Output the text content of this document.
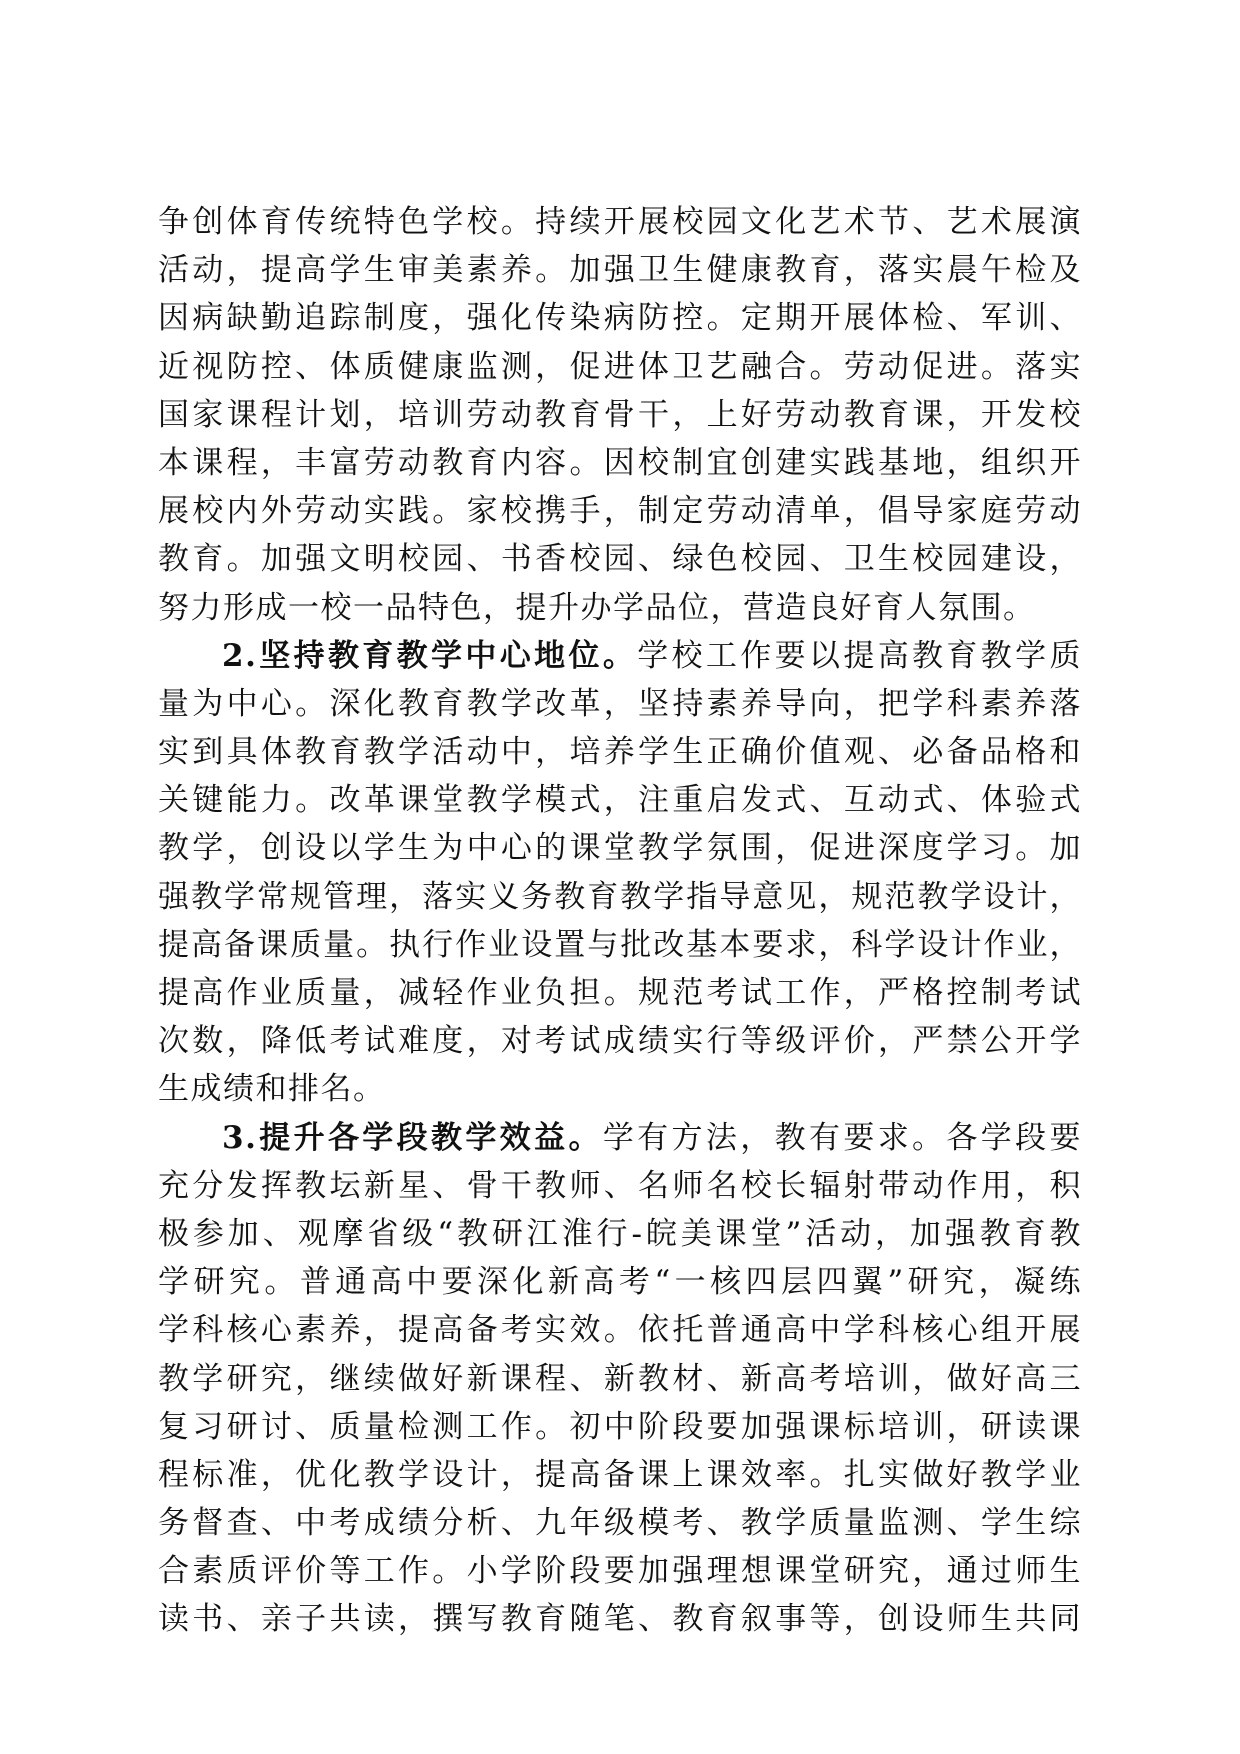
争创体育传统特色学校。持续开展校园文化艺术节、艺术展演
活动，提高学生审美素养。加强卫生健康教育，落实晨午检及
因病缺勤追踪制度，强化传染病防控。定期开展体检、军训、
近视防控、体质健康监测，促进体卫艺融合。劳动促进。落实
国家课程计划，培训劳动教育骨干，上好劳动教育课，开发校
本课程，丰富劳动教育内容。因校制宜创建实践基地，组织开
展校内外劳动实践。家校携手，制定劳动清单，倡导家庭劳动
教育。加强文明校园、书香校园、绿色校园、卫生校园建设，
努力形成一校一品特色，提升办学品位，营造良好育人氛围。
2.坚持教育教学中心地位。学校工作要以提高教育教学质
量为中心。深化教育教学改革，坚持素养导向，把学科素养落
实到具体教育教学活动中，培养学生正确价值观、必备品格和
关键能力。改革课堂教学模式，注重启发式、互动式、体验式
教学，创设以学生为中心的课堂教学氛围，促进深度学习。加
强教学常规管理，落实义务教育教学指导意见，规范教学设计，
提高备课质量。执行作业设置与批改基本要求，科学设计作业，
提高作业质量，减轻作业负担。规范考试工作，严格控制考试
次数，降低考试难度，对考试成绩实行等级评价，严禁公开学
生成绩和排名。
3.提升各学段教学效益。学有方法，教有要求。各学段要
充分发挥教坛新星、骨干教师、名师名校长辐射带动作用，积
极参加、观摩省级“教研江淮行-皖美课堂”活动，加强教育教
学研究。普通高中要深化新高考“一核四层四翼”研究，凝练
学科核心素养，提高备考实效。依托普通高中学科核心组开展
教学研究，继续做好新课程、新教材、新高考培训，做好高三
复习研讨、质量检测工作。初中阶段要加强课标培训，研读课
程标准，优化教学设计，提高备课上课效率。扎实做好教学业
务督查、中考成绩分析、九年级模考、教学质量监测、学生综
合素质评价等工作。小学阶段要加强理想课堂研究，通过师生
读书、亲子共读，撰写教育随笔、教育叙事等，创设师生共同
